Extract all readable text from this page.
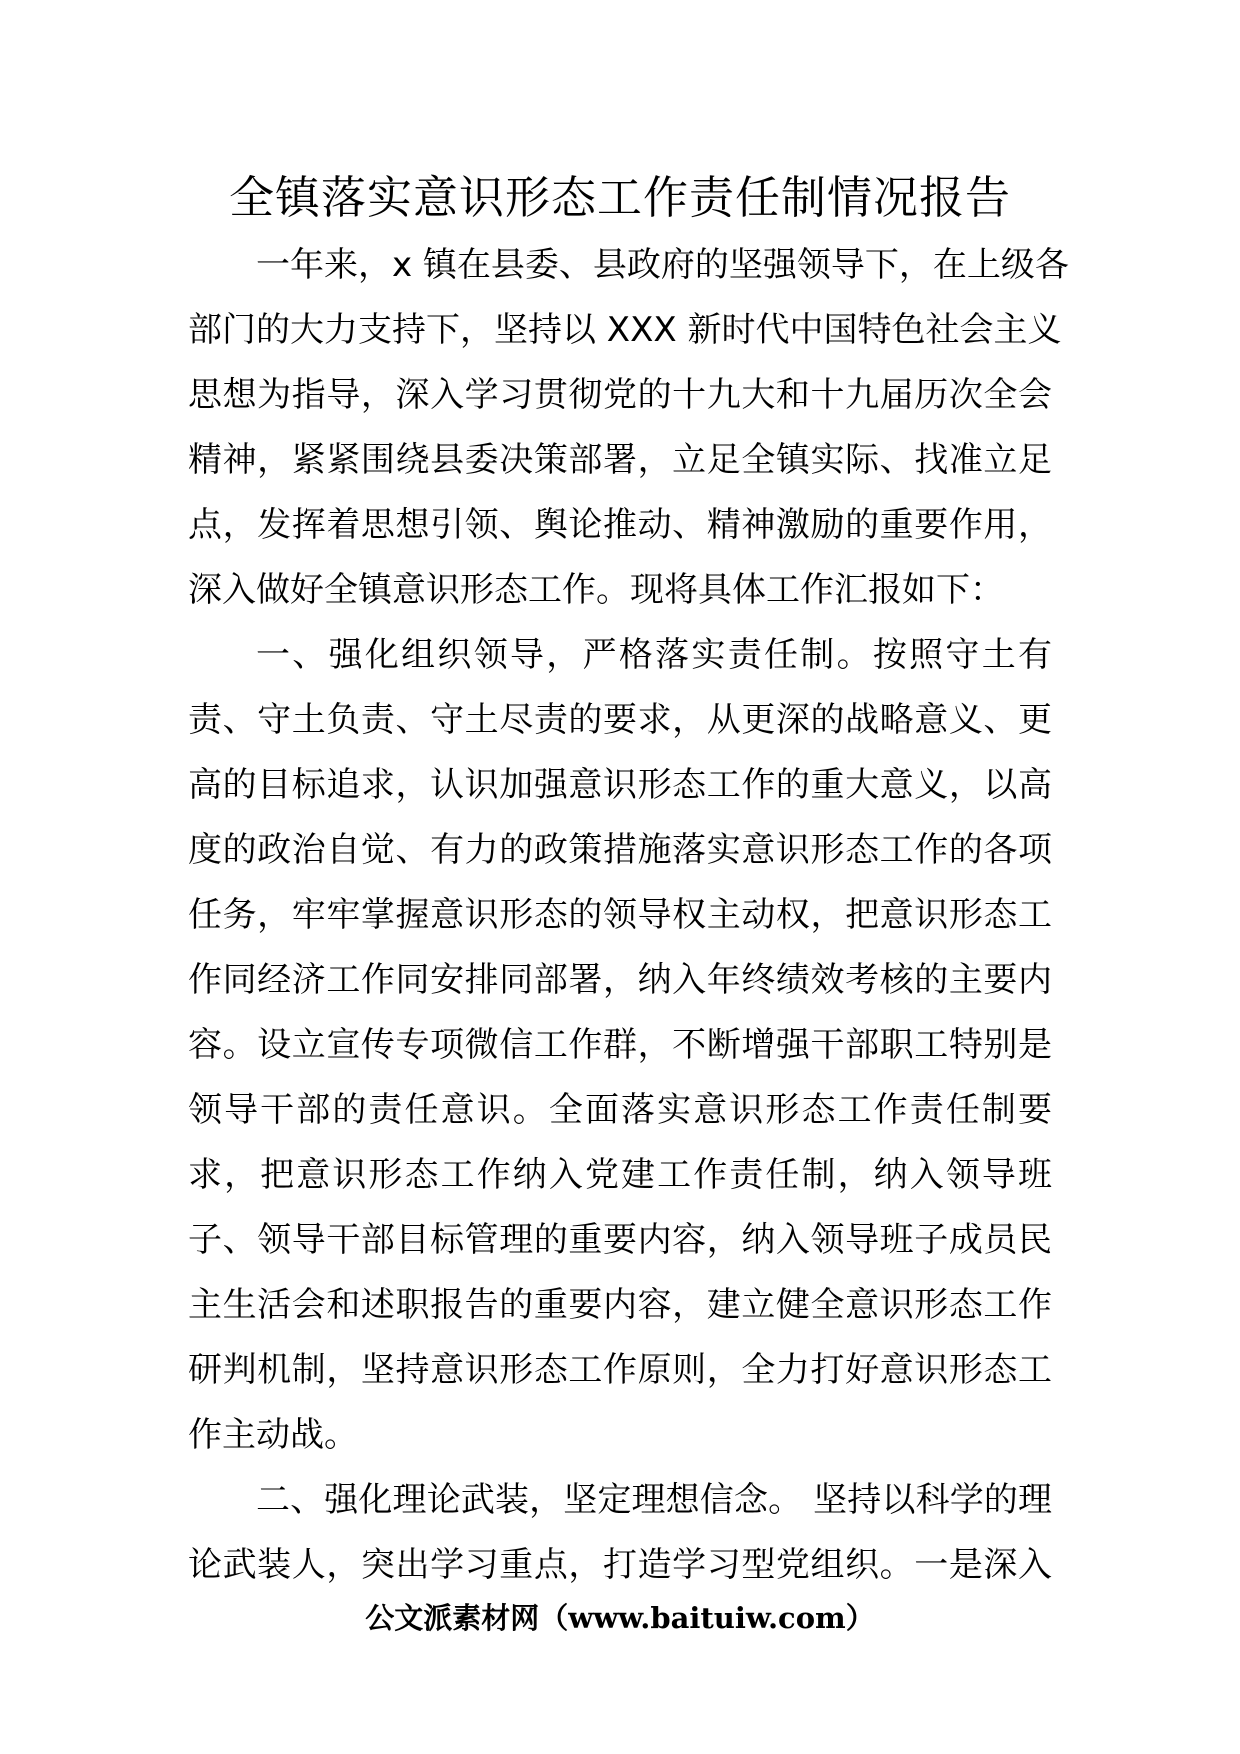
全镇落实意识形态工作责任制情况报告
一年来，x 镇在县委、县政府的坚强领导下，在上级各
部门的大力支持下，坚持以 XXX 新时代中国特色社会主义
思想为指导，深入学习贯彻党的十九大和十九届历次全会
精神，紧紧围绕县委决策部署，立足全镇实际、找准立足
点，发挥着思想引领、舆论推动、精神激励的重要作用，
深入做好全镇意识形态工作。现将具体工作汇报如下：
一、强化组织领导，严格落实责任制。按照守土有
责、守土负责、守土尽责的要求，从更深的战略意义、更
高的目标追求，认识加强意识形态工作的重大意义，以高
度的政治自觉、有力的政策措施落实意识形态工作的各项
任务，牢牢掌握意识形态的领导权主动权，把意识形态工
作同经济工作同安排同部署，纳入年终绩效考核的主要内
容。设立宣传专项微信工作群，不断增强干部职工特别是
领导干部的责任意识。全面落实意识形态工作责任制要
求，把意识形态工作纳入党建工作责任制，纳入领导班
子、领导干部目标管理的重要内容，纳入领导班子成员民
主生活会和述职报告的重要内容，建立健全意识形态工作
研判机制，坚持意识形态工作原则，全力打好意识形态工
作主动战。
二、强化理论武装，坚定理想信念。 坚持以科学的理
论武装人，突出学习重点，打造学习型党组织。一是深入
公文派素材网（www.baituiw.com）
